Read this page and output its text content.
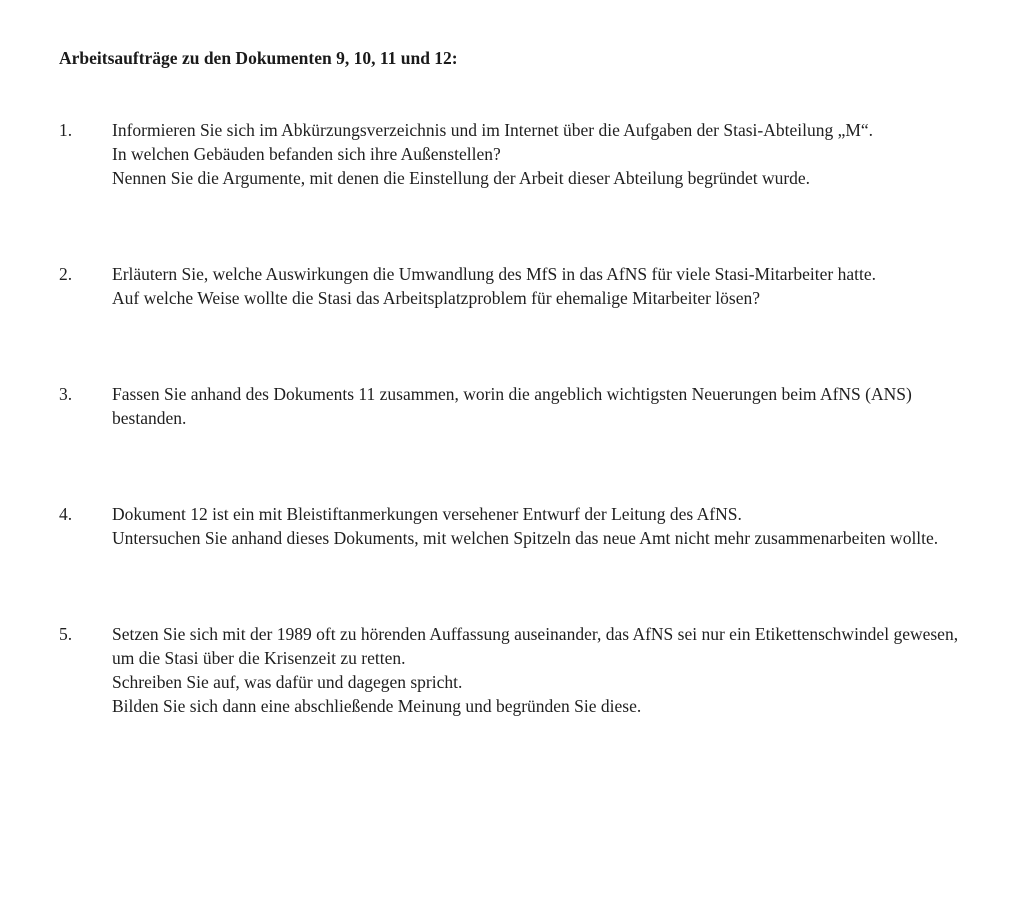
Arbeitsaufträge zu den Dokumenten 9, 10, 11 und 12:
1. Informieren Sie sich im Abkürzungsverzeichnis und im Internet über die Aufgaben der Stasi-Abteilung „M“.
In welchen Gebäuden befanden sich ihre Außenstellen?
Nennen Sie die Argumente, mit denen die Einstellung der Arbeit dieser Abteilung begründet wurde.
2. Erläutern Sie, welche Auswirkungen die Umwandlung des MfS in das AfNS für viele Stasi-Mitarbeiter hatte.
Auf welche Weise wollte die Stasi das Arbeitsplatzproblem für ehemalige Mitarbeiter lösen?
3. Fassen Sie anhand des Dokuments 11 zusammen, worin die angeblich wichtigsten Neuerungen beim AfNS (ANS)
bestanden.
4. Dokument 12 ist ein mit Bleistiftanmerkungen versehener Entwurf der Leitung des AfNS.
Untersuchen Sie anhand dieses Dokuments, mit welchen Spitzeln das neue Amt nicht mehr zusammenarbeiten wollte.
5. Setzen Sie sich mit der 1989 oft zu hörenden Auffassung auseinander, das AfNS sei nur ein Etikettenschwindel gewesen,
um die Stasi über die Krisenzeit zu retten.
Schreiben Sie auf, was dafür und dagegen spricht.
Bilden Sie sich dann eine abschließende Meinung und begründen Sie diese.
